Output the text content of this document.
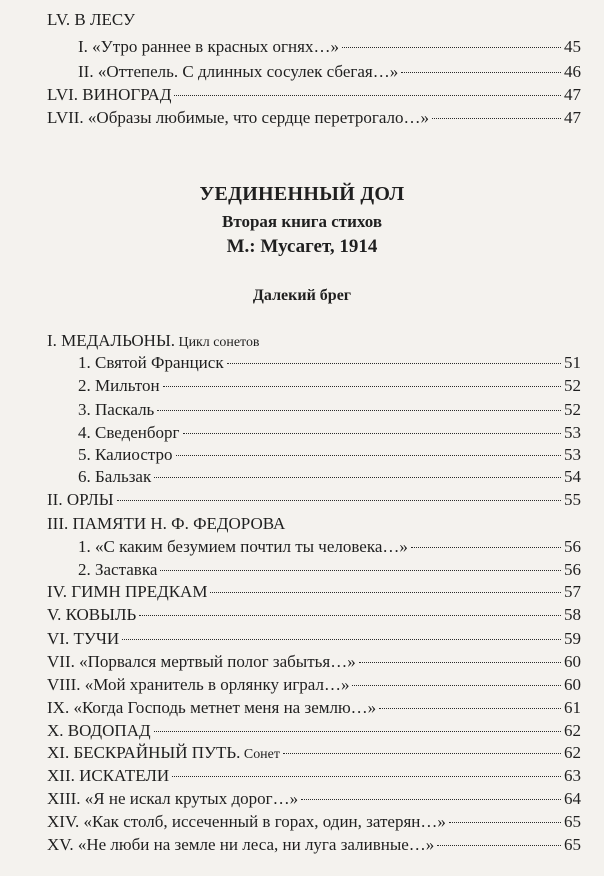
LV. В ЛЕСУ
I. «Утро раннее в красных огнях…»	45
II. «Оттепель. С длинных сосулек сбегая…»	46
LVI. ВИНОГРАД	47
LVII. «Образы любимые, что сердце перетрогало…»	47
УЕДИНЕННЫЙ ДОЛ
Вторая книга стихов
М.: Мусагет, 1914
Далекий брег
I. МЕДАЛЬОНЫ. Цикл сонетов
1. Святой Франциск	51
2. Мильтон	52
3. Паскаль	52
4. Сведенборг	53
5. Калиостро	53
6. Бальзак	54
II. ОРЛЫ	55
III. ПАМЯТИ Н. Ф. ФЕДОРОВА
1. «С каким безумием почтил ты человека…»	56
2. Заставка	56
IV. ГИМН ПРЕДКАМ	57
V. КОВЫЛЬ	58
VI. ТУЧИ	59
VII. «Порвался мертвый полог забытья…»	60
VIII. «Мой хранитель в орлянку играл…»	60
IX. «Когда Господь метнет меня на землю…»	61
X. ВОДОПАД	62
XI. БЕСКРАЙНЫЙ ПУТЬ. Сонет	62
XII. ИСКАТЕЛИ	63
XIII. «Я не искал крутых дорог…»	64
XIV. «Как столб, иссеченный в горах, один, затерян…»	65
XV. «Не люби на земле ни леса, ни луга заливные…»	65
